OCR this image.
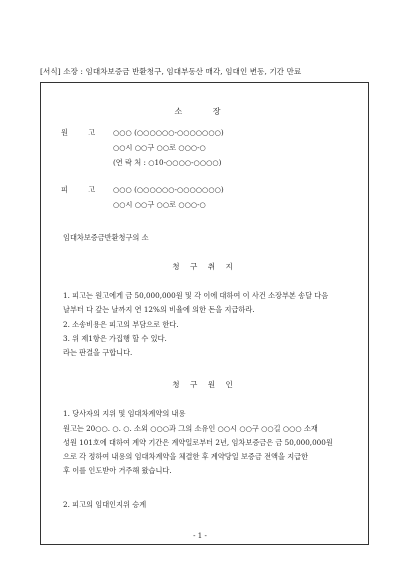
[서식] 소장 : 임대차보증금 반환청구, 임대부동산 매각, 임대인 변동, 기간 만료
소 장
원 고 ○○○ (○○○○○○-○○○○○○○)
○○시 ○○구 ○○로 ○○○-○
(연 락 처 : ○10-○○○○-○○○○)
피 고 ○○○ (○○○○○○-○○○○○○○)
○○시 ○○구 ○○로 ○○○-○
임대차보증금반환청구의 소
청 구 취 지
1. 피고는 원고에게 금 50,000,000원 및 각 이에 대하여 이 사건 소장부본 송달 다음
날부터 다 갚는 날까지 연 12%의 비율에 의한 돈을 지급하라.
2. 소송비용은 피고의 부담으로 한다.
3. 위 제1항은 가집행 할 수 있다.
라는 판결을 구합니다.
청 구 원 인
1. 당사자의 지위 및 임대차계약의 내용
원고는 20○○. ○. ○. 소외 ○○○과 그의 소유인 ○○시 ○○구 ○○길 ○○○ 소재
성원 101호에 대하여 계약 기간은 계약일로부터 2년, 임차보증금은 금 50,000,000원
으로 각 정하여 내용의 임대차계약을 체결한 후 계약당일 보증금 전액을 지급한
후 이를 인도받아 거주해 왔습니다.
2. 피고의 임대인지위 승계
- 1 -
